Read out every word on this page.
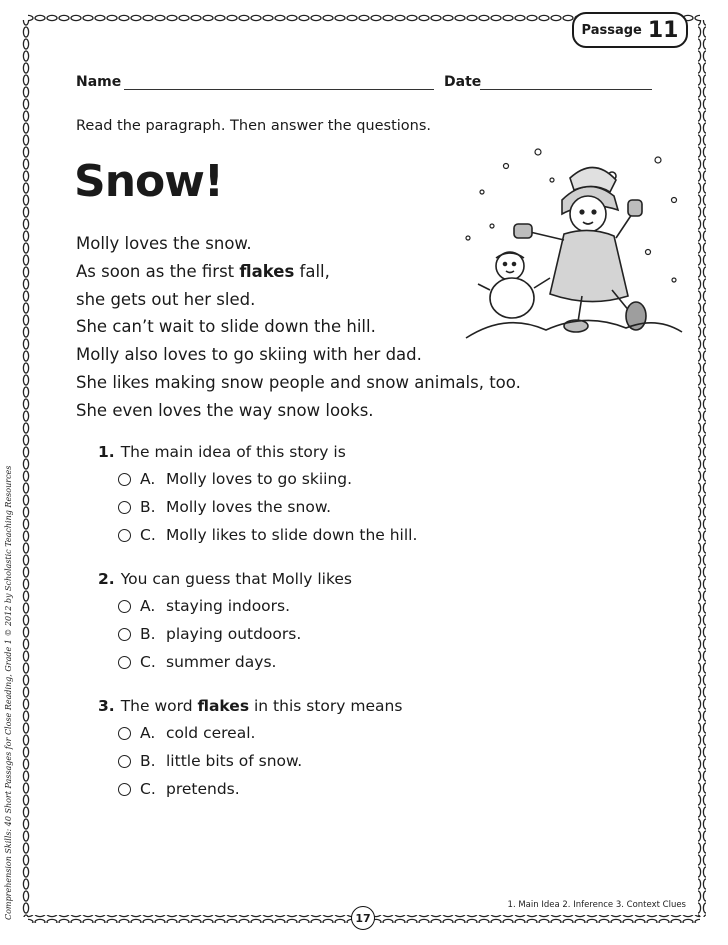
Passage 11
Name	Date
Read the paragraph. Then answer the questions.
Snow!
Molly loves the snow.
As soon as the first flakes fall,
she gets out her sled.
She can’t wait to slide down the hill.
Molly also loves to go skiing with her dad.
She likes making snow people and snow animals, too.
She even loves the way snow looks.
1. The main idea of this story is
A. Molly loves to go skiing.
B. Molly loves the snow.
C. Molly likes to slide down the hill.
2. You can guess that Molly likes
A. staying indoors.
B. playing outdoors.
C. summer days.
3. The word flakes in this story means
A. cold cereal.
B. little bits of snow.
C. pretends.
Comprehension Skills: 40 Short Passages for Close Reading, Grade 1 © 2012 by Scholastic Teaching Resources	1. Main Idea 2. Inference 3. Context Clues
17
